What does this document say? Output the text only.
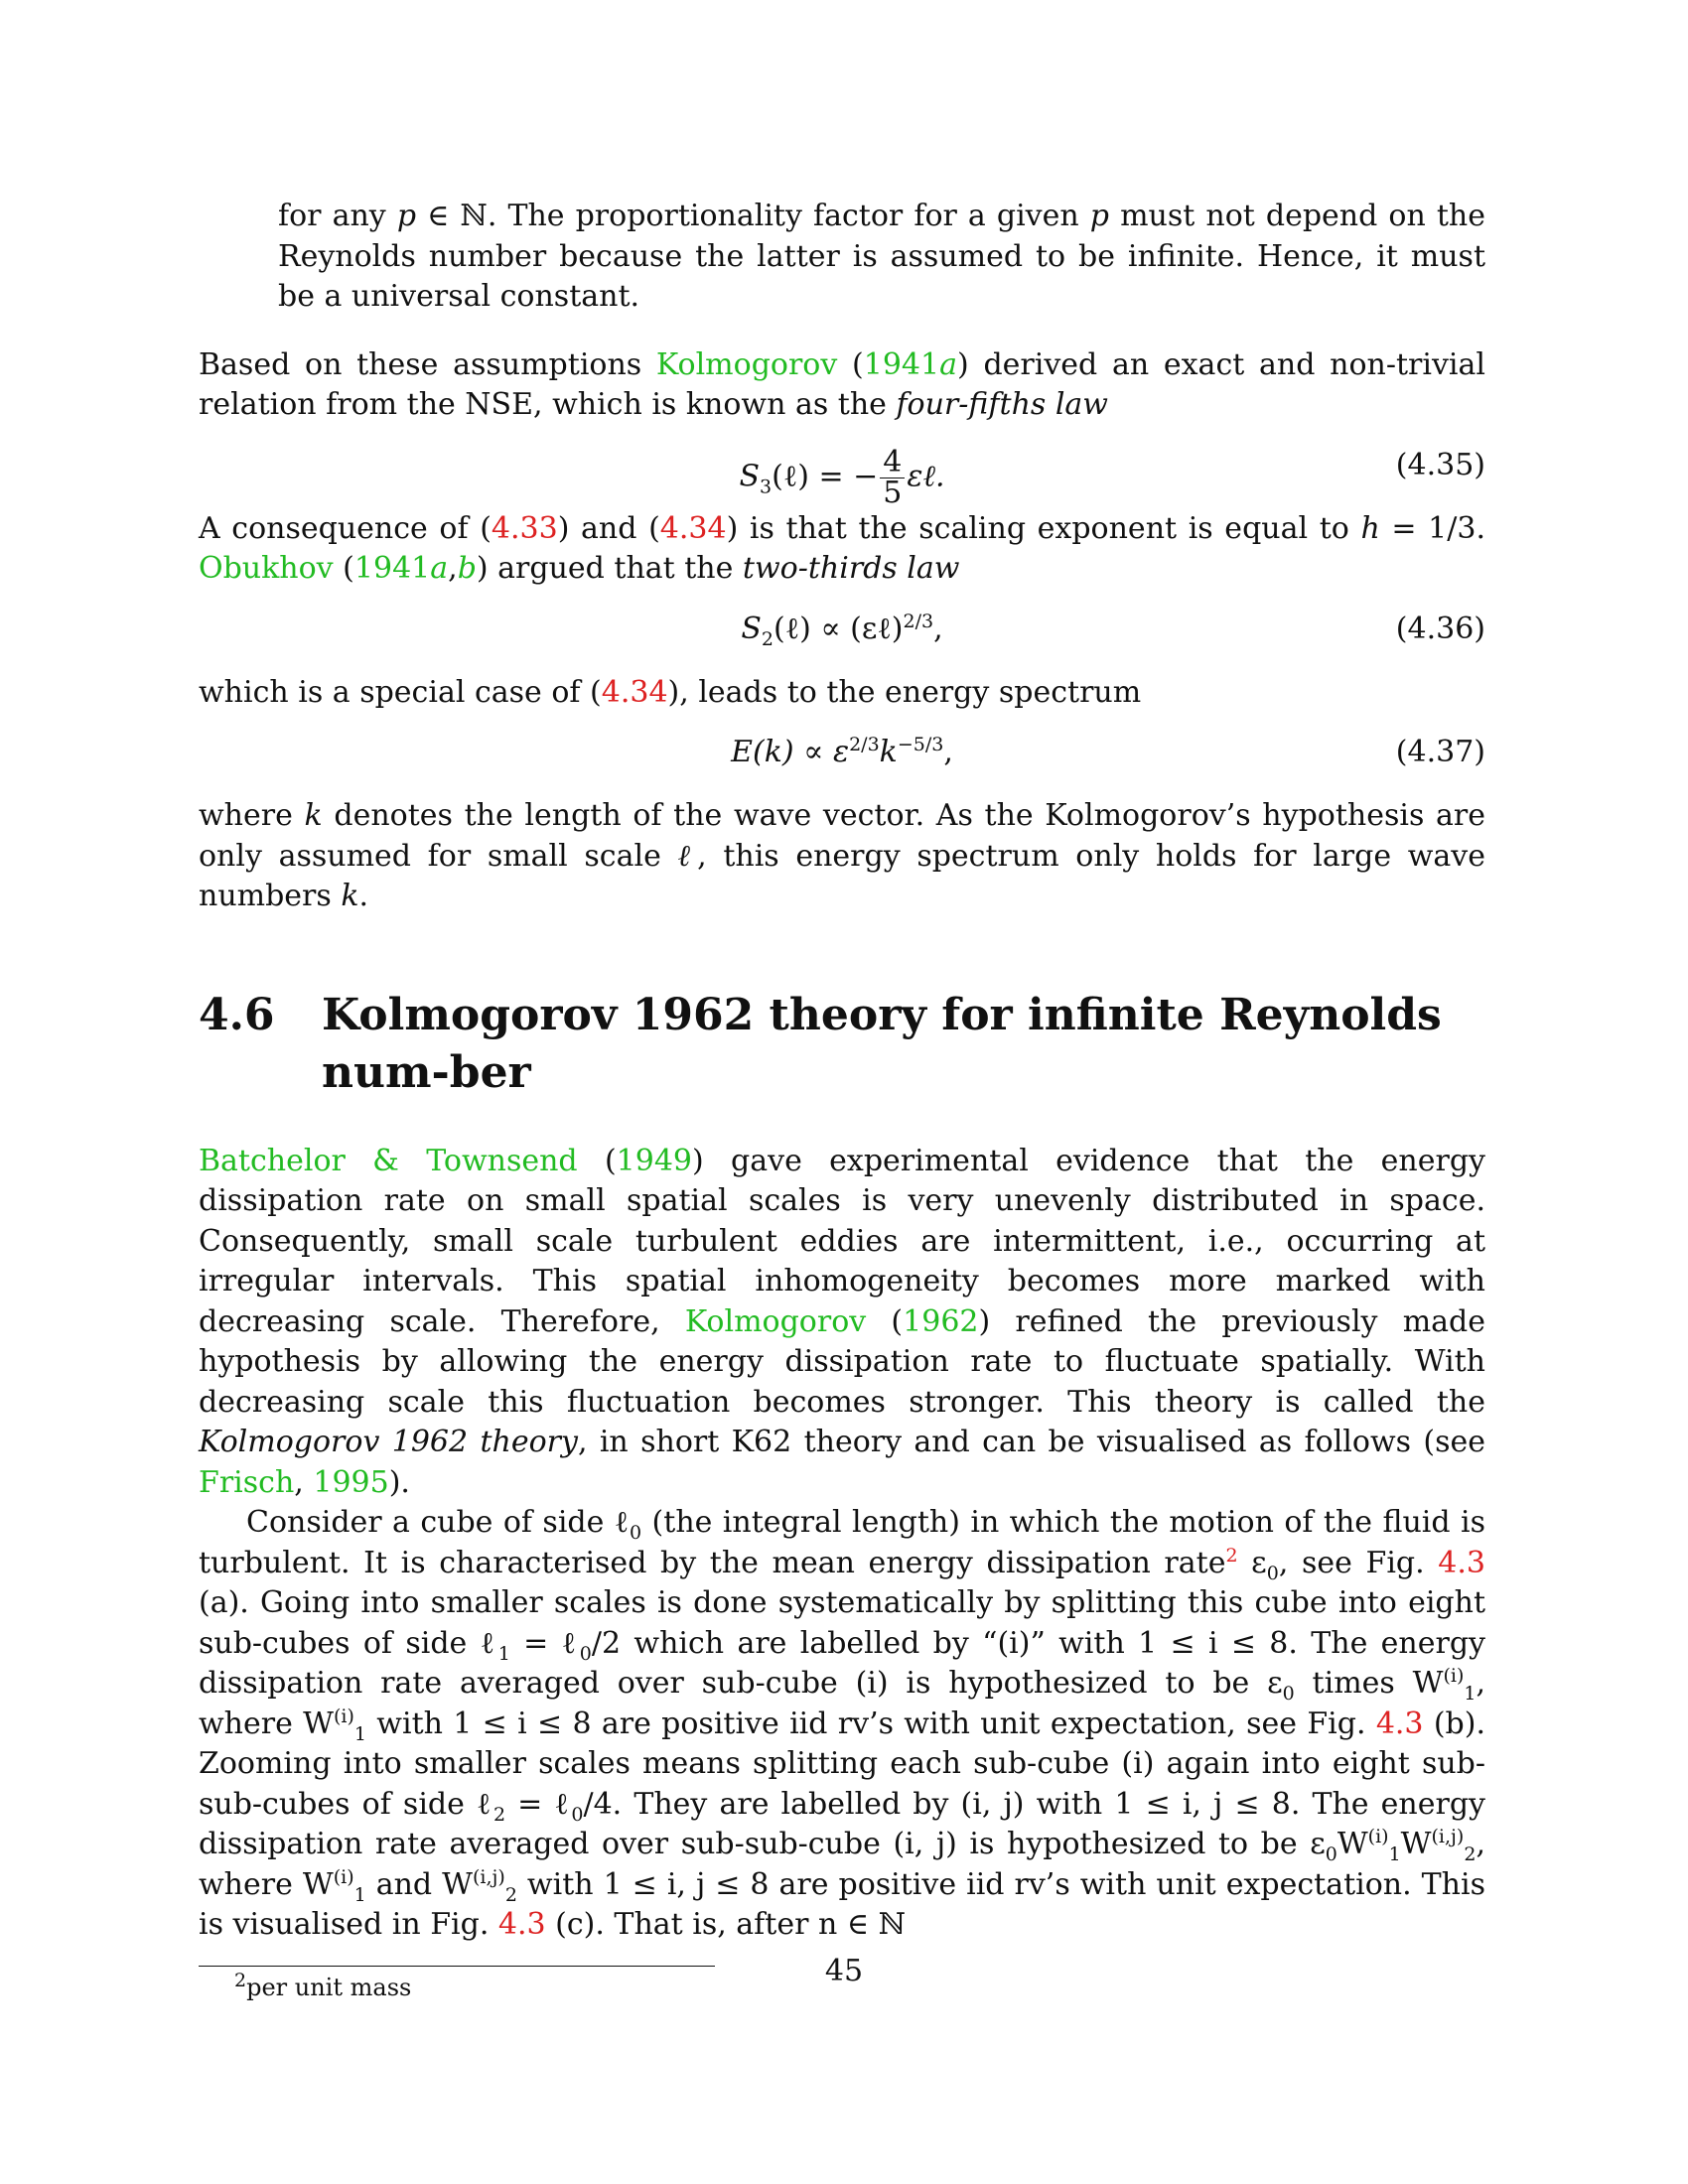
for any p ∈ ℕ. The proportionality factor for a given p must not depend on the Reynolds number because the latter is assumed to be infinite. Hence, it must be a universal constant.

Based on these assumptions Kolmogorov (1941a) derived an exact and non-trivial relation from the NSE, which is known as the four-fifths law

$S_3(\ell)$ = − $\frac{4}{5}$ εℓ.	(4.35)

A consequence of (4.33) and (4.34) is that the scaling exponent is equal to h = 1/3. Obukhov (1941a,b) argued that the two-thirds law

$S_2(\ell)$ ∝ (εℓ)$^{2/3}$,	(4.36)

which is a special case of (4.34), leads to the energy spectrum

$E(k) \propto \varepsilon^{2/3}k^{-5/3}$,	(4.37)

where k denotes the length of the wave vector. As the Kolmogorov’s hypothesis are only assumed for small scale ℓ, this energy spectrum only holds for large wave numbers k.

4.6 Kolmogorov 1962 theory for infinite Reynolds num-ber

Batchelor & Townsend (1949) gave experimental evidence that the energy dissipation rate on small spatial scales is very unevenly distributed in space. Consequently, small scale turbulent eddies are intermittent, i.e., occurring at irregular intervals. This spatial inhomogeneity becomes more marked with decreasing scale. Therefore, Kolmogorov (1962) refined the previously made hypothesis by allowing the energy dissipation rate to fluctuate spatially. With decreasing scale this fluctuation becomes stronger. This theory is called the Kolmogorov 1962 theory, in short K62 theory and can be visualised as follows (see Frisch, 1995).

Consider a cube of side ℓ$_0$ (the integral length) in which the motion of the fluid is turbulent. It is characterised by the mean energy dissipation rate$^2$ $\varepsilon_0$, see Fig. 4.3 (a). Going into smaller scales is done systematically by splitting this cube into eight sub-cubes of side ℓ$_1$ = ℓ$_0$/2 which are labelled by “(i)” with 1 ≤ i ≤ 8. The energy dissipation rate averaged over sub-cube (i) is hypothesized to be $\varepsilon_0$ times $W^{(i)}_1$, where $W^{(i)}_1$ with 1 ≤ i ≤ 8 are positive iid rv’s with unit expectation, see Fig. 4.3 (b). Zooming into smaller scales means splitting each sub-cube (i) again into eight sub-sub-cubes of side ℓ$_2$ = ℓ$_0$/4. They are labelled by (i, j) with 1 ≤ i, j ≤ 8. The energy dissipation rate averaged over sub-sub-cube (i, j) is hypothesized to be $\varepsilon_0W^{(i)}_1W^{(i,j)}_2$, where $W^{(i)}_1$ and W$^{(i,j)}_2$ with 1 ≤ i, j ≤ 8 are positive iid rv’s with unit expectation. This is visualised in Fig. 4.3 (c). That is, after n ∈ ℕ

$^2$per unit mass	45
